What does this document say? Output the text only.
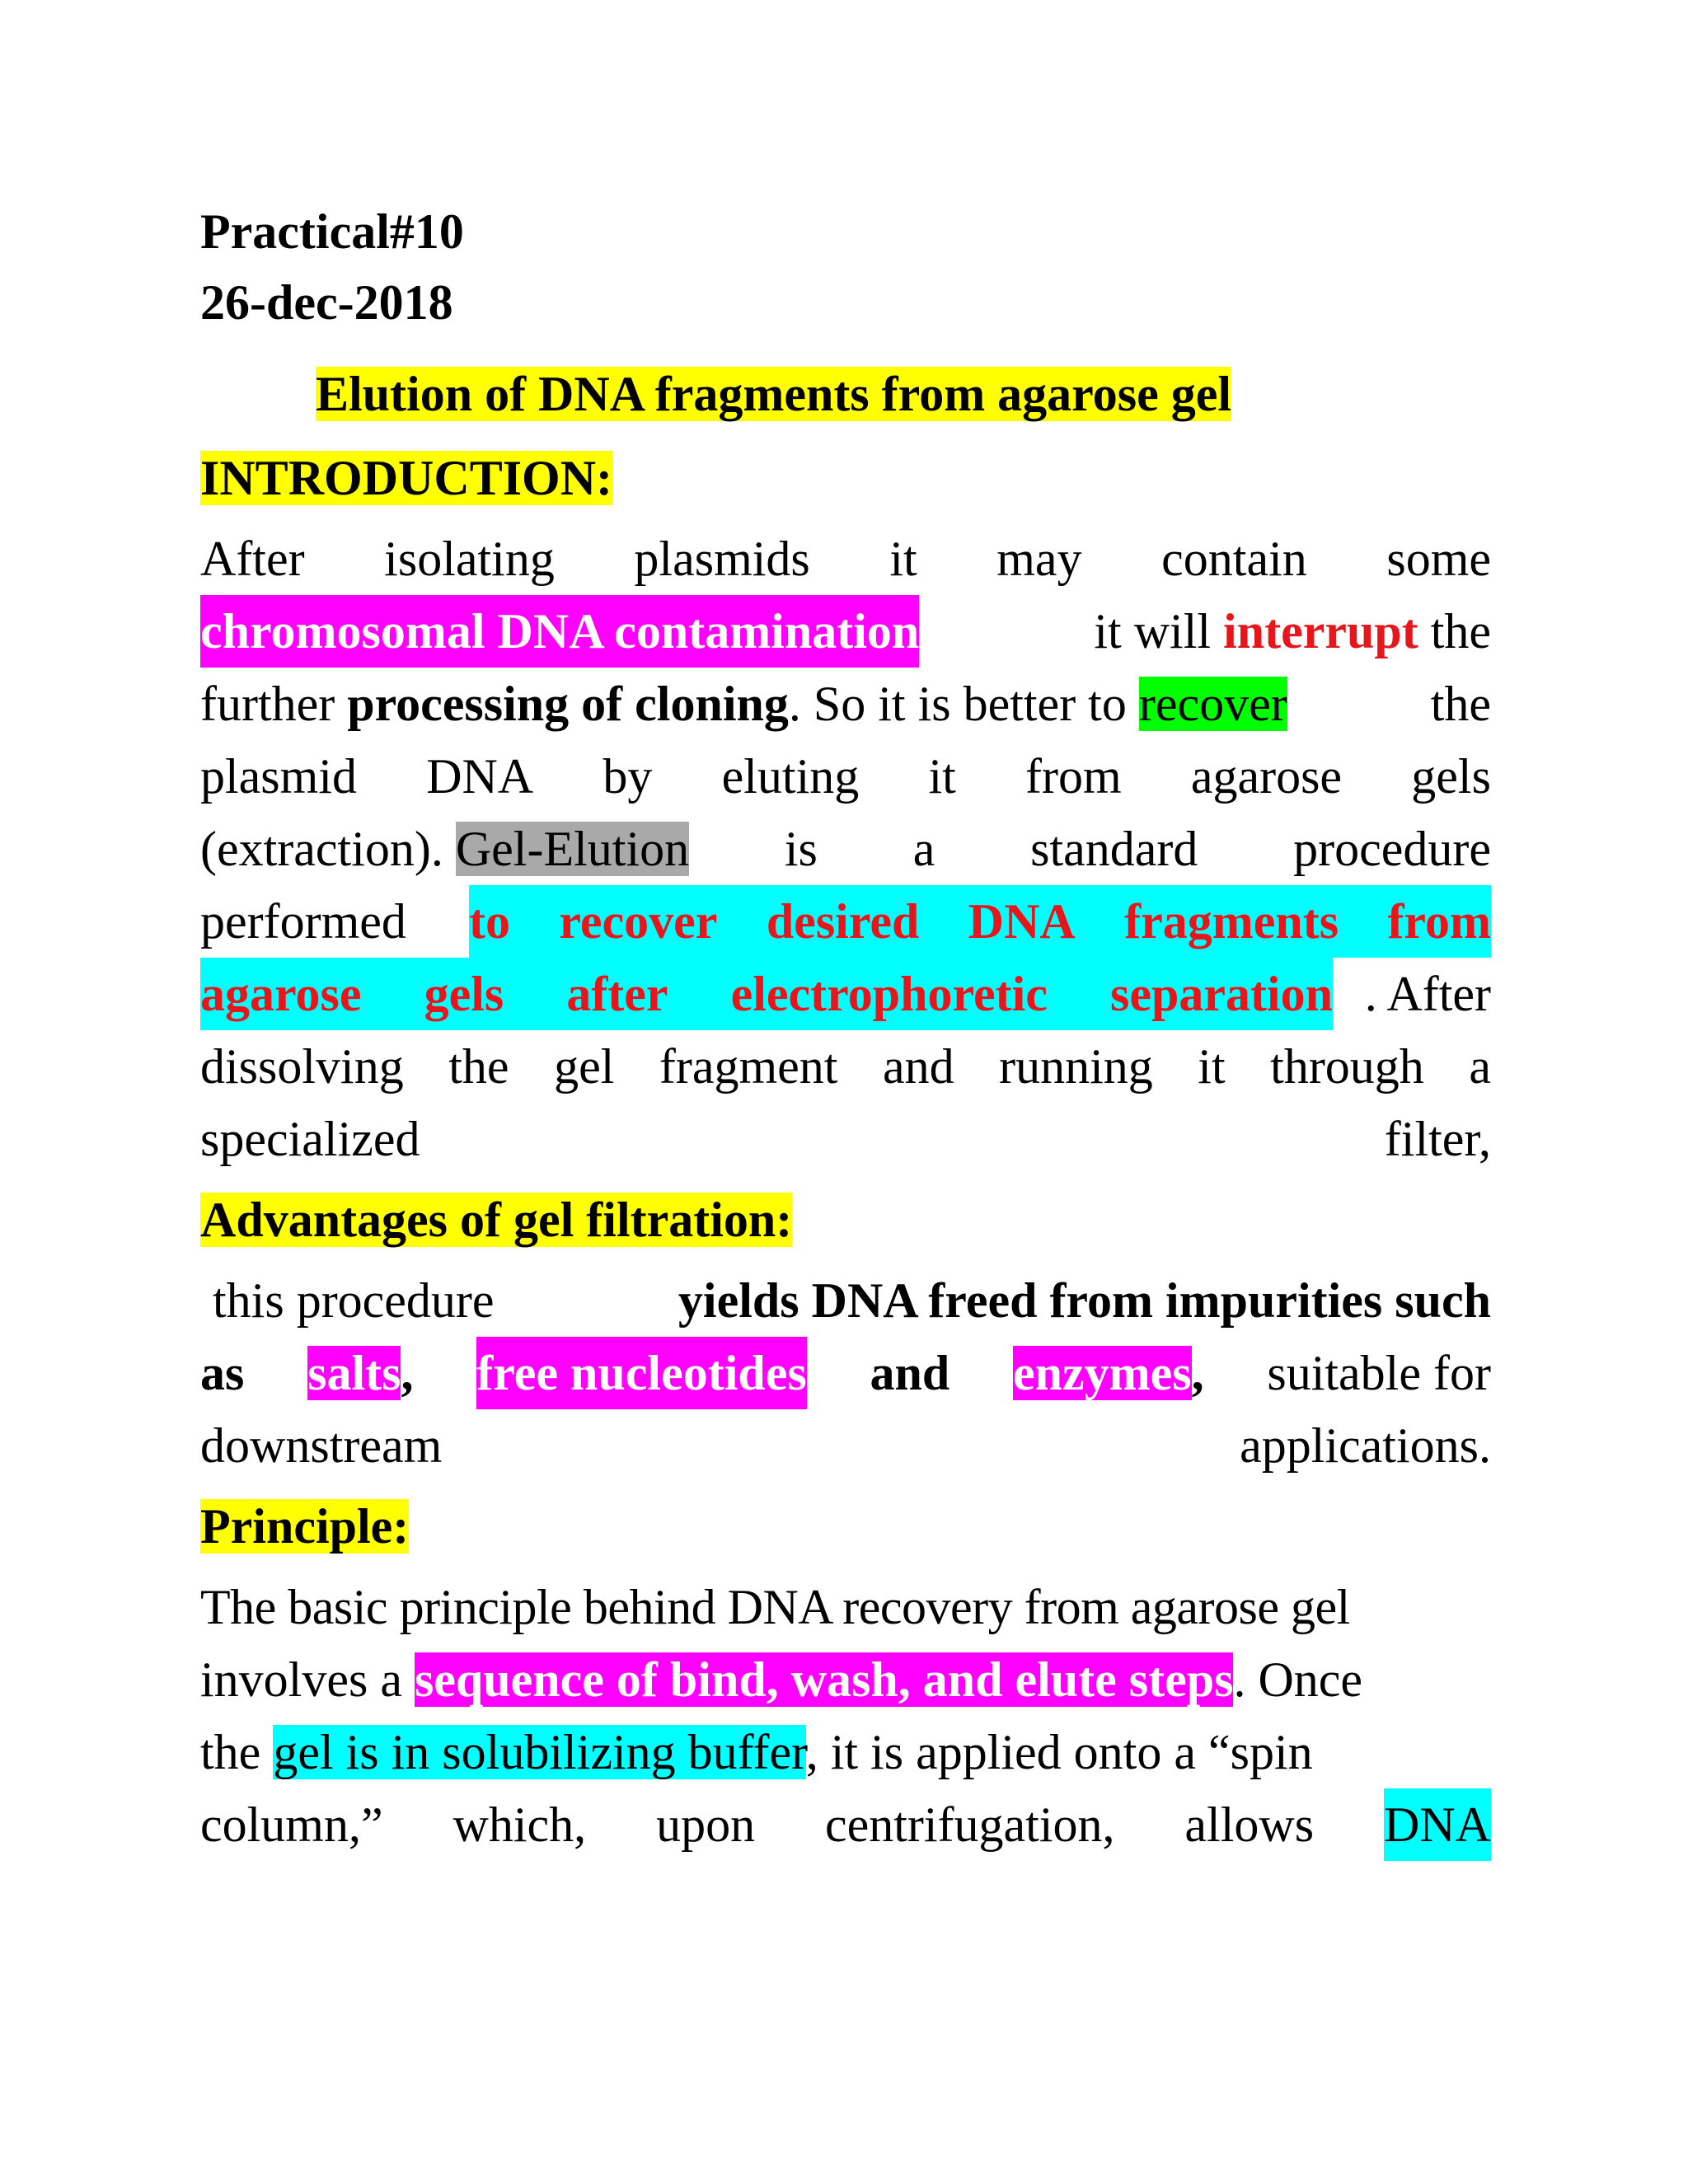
Practical#10
26-dec-2018
Elution of DNA fragments from agarose gel
INTRODUCTION:
After isolating plasmids it may contain some
chromosomal DNA contamination	it will interrupt the
further processing of cloning. So it is better to recover	the
plasmid DNA by eluting it from agarose gels
(extraction). Gel-Elution is a standard procedure
performed to recover desired DNA fragments from
agarose gels after electrophoretic separation . After
dissolving the gel fragment and running it through a
specialized filter,
Advantages of gel filtration:
this procedure	yields DNA freed from impurities such
as salts, free nucleotides and enzymes, suitable for
downstream applications.
Principle:
The basic principle behind DNA recovery from agarose gel
involves a sequence of bind, wash, and elute steps. Once
the gel is in solubilizing buffer, it is applied onto a “spin
column,” which, upon centrifugation, allows DNA
